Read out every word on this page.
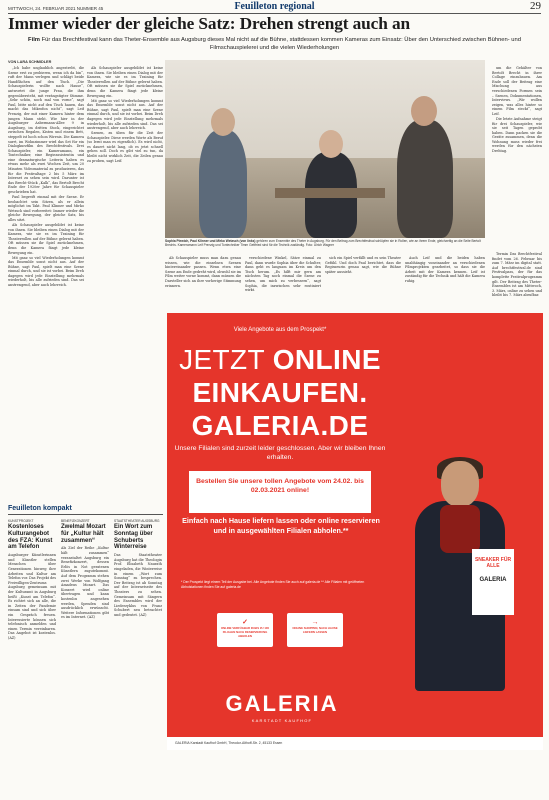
MITTWOCH, 24. FEBRUAR 2021 NUMMER 45	Feuilleton regional	29
Immer wieder der gleiche Satz: Drehen strengt auch an
Film Für das Brechtfestival kann das Theter-Ensemble aus Augsburg dieses Mal nicht auf die Bühne, stattdessen kommen Kameras zum Einsatz: Über den Unterschied zwischen Bühnen- und Filmschauspielerei und die vielen Wiederholungen
VON LARA SCHMIDLER

„Ich habe unglaublich angestrebt, die Szene erst zu probieren, wenn ich da bin“, ruft der Mann verlegen und schlägt beide Handflächen auf den Tisch. „Die Schauspielerin wollte nach Hause“, antwortet die junge Frau, die ihm gegenübersteht, mit verängstigter Stimme. „Sehr schön, noch mal von vorne“, sagt Paul, bitte nicht auf den Tisch hauen, das macht das Mikrofon nicht“, sagt Leif Prenzig, der mit einer Kamera hinter dem jungen Mann steht. Wie hier in der Augsburger Asbermann-Allee 9 in Augsburg, im dritten Stock, eingerichtet zwischen Regalen, Kisten und einem Bett, steppelt ist hoch schon Wirrnis. Die Kamera surrt, im Wohnzimmer wird das Set für ein Dialogkurzfilm des Brechtfestivals. Drei Schauspieler, ein Kameramann, ein Tontechniker, eine Regieassistentin und eine dramaturgische Leiterin haben es etwas mehr als zwei Wochen Zeit, um 20 Minuten Videomaterial zu produzieren, das für die Festivaltage 2 bis 5 März im Internet zu sehen sein wird. Darunter ist das Brecht-Stück „Kalk“, das Bertolt Brecht Ende der 1920er Jahre für Schauspieler geschrieben hat.

Paul begreift einmal mit der Szene. Er beobachtet sein Sitzen, als er allein möglichst im Takt. Paul Klinner und Mirko Wetzsch sind vorbereitet: Immer wieder die gleiche Bewegung, der gleiche Satz, bis alles sitzt.

Als Schauspieler ausgebildet ist keine von ihnen. Sie bleiben einen Dialog mit der Kamera, wie sie es im Training für Theaterrollen auf der Bühne gelernt haben. Oft müssen sie ihr Spiel zurücknehmen, denn die Kamera fängt jede kleine Bewegung ein.

Mit ganz so viel Wiederholungen kommt das Ensemble sonst nicht aus. Auf der Bühne, sagt Paul, spielt man eine Szene einmal durch, und sie ist vorbei. Beim Dreh dagegen wird jede Einstellung mehrmals wiederholt, bis alle zufrieden sind. Das sei anstrengend, aber auch lehrreich.

Als Schauspieler ausgebildet ist keine von ihnen. Sie bleiben einen Dialog mit der Kamera, wie sie es im Training für Theaterrollen auf der Bühne gelernt haben. Oft müssen sie ihr Spiel zurücknehmen, denn die Kamera fängt jede kleine Bewegung ein.

Mit ganz so viel Wiederholungen kommt das Ensemble sonst nicht aus. Auf der Bühne, sagt Paul, spielt man eine Szene einmal durch, und sie ist vorbei. Beim Dreh dagegen wird jede Einstellung mehrmals wiederholt, bis alle zufrieden sind. Das sei anstrengend, aber auch lehrreich.

Szenen, zu üben für die Zeit der Schauspieler. Diese werden Worte als Beruf (so lernt man es eigentlich). Es wird nicht, es dauert nicht lang, ob es jetzt schnell gehen soll. Doch es gibt viel zu tun, da bleibt nicht wirklich Zeit, die Zeilen genau zu proben, sagt Leif.

Sophia Plewich, Paul Klinner und Mirko Wetzsch (von links) gehören zum Ensemble des Theter in Augsburg. Für den Beitrag zum Brechtfestival schlüpfen sie in Rollen, wie an ihrem Ende, gleichzeitig an die Seite Bertolt Brechts. Kameramann Leif Prenzig und Tontechniker Timm Gettfried sind für die Technik zuständig. Foto: Ulrich Wagner

Ab Schauspieler muss man dazu genau wissen, wie die einzelnen Szenen hintereinander passen. Wenn etwa eine Szene am Ende gedreht wird, obwohl sie im Film weiter vorne kommt, dann müssen die Darsteller sich an ihre vorherige Stimmung erinnern.

verschiedene Winkel, Sätze einmal zu Paul, dann wurde Sophia über die Schulter, dann geht es langsam im Kreis um den Tisch herum. „Es hilft mir gern am nächsten Tag noch einmal die Szene zu sehen, um mich zu verbessern“, sagt Sophia, die inzwischen sehr routiniert wirkt.

sich ein Spiel verfällt und es sein Theater Gefühl. Und doch Paul berichtet, dass die Regisseurin genau sagt, wie die Bühne später aussieht.

Auch Leif und die beiden haben unabhängig voneinander an verschiedenen Filmprojekten gearbeitet, so dass sie die Arbeit mit der Kamera kennen. Leif ist zuständig für die Technik und hält die Kamera ruhig.

um die Gehälter von Bertolt Brecht in ihrer Collage einzubauen. Am Ende soll der Beitrag eine Mischung aus verschiedenen Formen sein – Szenen, Dokumentationen, Interviews. „Wir wollen zeigen, was alles hinter so einem Film steckt“, sagt Leif.

Die letzte Aufnahme steigt für drei Schauspieler, wie sie seit Tagen geprobt haben. Dann packen sie die Geräte zusammen, denn die Wohnung muss wieder frei werden für den nächsten Drehtag.

Termin Das Brechtfestival findet vom 26. Februar bis zum 7. März im digital statt. Auf brechtfestival.de sind Festivalpass, der für das komplette Festivalprogramm gilt. Der Beitrag des Theter-Ensembles ist am Mittwoch, 3. März, online zu sehen und bleibt bis 7. März abrufbar.

Viele Angebote aus dem Prospekt*
JETZT ONLINE
EINKAUFEN.
GALERIA.DE
Unsere Filialen sind zurzeit leider geschlossen. Aber wir bleiben Ihnen erhalten.
Bestellen Sie unsere tollen Angebote vom 24.02. bis 02.03.2021 online!
Einfach nach Hause liefern lassen oder online reservieren und in ausgewählten Filialen abholen.**
* Der Prospekt liegt einem Teil der Ausgabe bei. Alle Angebote finden Sie auch auf galeria.de ** Alle Filialen mit geöffneten Abholstationen finden Sie auf galeria.de
✓
ONLINE VERFÜGBAR IN BIS ZU 100 FILIALEN NACH RESERVIERUNG ABHOLEN
→
ONLINE SHOPPEN, NACH HAUSE LIEFERN LASSEN
SNEAKER FÜR ALLE
GALERIA
GALERIA
KARSTADT KAUFHOF
GALERIA Karstadt Kaufhof GmbH, Theodor-Althoff-Str. 2, 45133 Essen
Feuilleton kompakt
KUNSTPROJEKT
Kostenloses Kulturangebot des FZA: Kunst am Telefon
Augsburger Künstlerinnen und Künstler stellen Menschen über Generationen hinweg ihre Arbeiten und Kultur am Telefon vor. Das Projekt des Freiwilligen-Zentrums Augsburg gemeinsam mit der Kulturamt in Augsburg heißt „Kunst am Telefon“. Es richtet sich an alle, die in Zeiten der Pandemie einsam sind und sich über ein Gespräch freuen. Interessierte können sich telefonisch anmelden und einen Termin vereinbaren. Das Angebot ist kostenlos. (AZ)
BENEFIZKONZERT
Zwelmal Mozart für „Kultur hält zusammen“
Als Ziel der Reihe „Kultur hält zusammen“ veranstaltet Augsburg ein Benefizkonzert, dessen Erlös in Not geratenen Künstlern zugutekommt. Auf dem Programm stehen zwei Werke von Wolfgang Amadeus Mozart. Das Konzert wird online übertragen und kann kostenlos angesehen werden, Spenden sind ausdrücklich erwünscht. Weitere Informationen gibt es im Internet. (AZ)
STAATSTHEATER AUGSBURG
Ein Wort zum Sonntag über Schuberts Winterreise
Das Staatstheater Augsburg hat die Theologin Prof. Elisabeth Naurath eingeladen, die Winterreise in einem „Wort zum Sonntag“ zu besprechen. Der Beitrag ist ab Sonntag auf der Internetseite des Theaters zu sehen. Gemeinsam mit Sängern des Ensembles wird der Liederzyklus von Franz Schubert neu betrachtet und gedeutet. (AZ)
